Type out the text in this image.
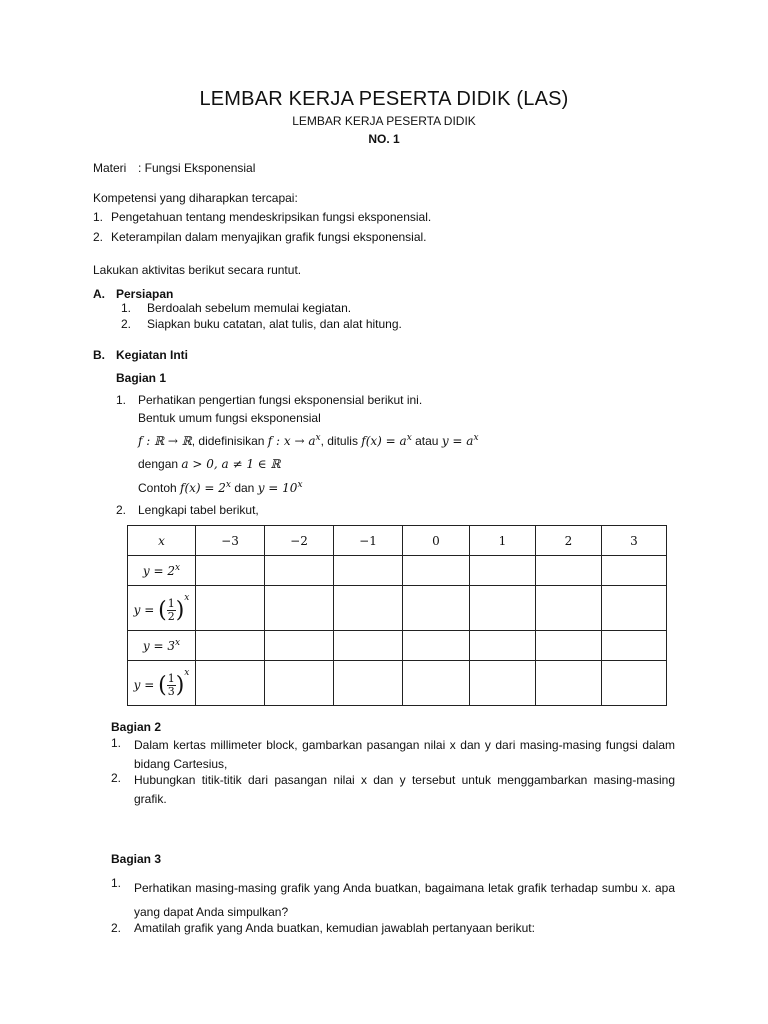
LEMBAR KERJA PESERTA DIDIK (LAS)
LEMBAR KERJA PESERTA DIDIK
NO. 1
Materi : Fungsi Eksponensial
Kompetensi yang diharapkan tercapai:
1. Pengetahuan tentang mendeskripsikan fungsi eksponensial.
2. Keterampilan dalam menyajikan grafik fungsi eksponensial.
Lakukan aktivitas berikut secara runtut.
A. Persiapan
1. Berdoalah sebelum memulai kegiatan.
2. Siapkan buku catatan, alat tulis, dan alat hitung.
B. Kegiatan Inti
Bagian 1
1. Perhatikan pengertian fungsi eksponensial berikut ini.
Bentuk umum fungsi eksponensial
f : ℝ → ℝ, didefinisikan f : $x \to a^x$, ditulis $f(x) = a^x$ atau $y = a^x$
dengan a > 0, a ≠ 1 ∈ ℝ
Contoh $f(x) = 2^x$ dan $y = 10^x$
2. Lengkapi tabel berikut,
x	−3	−2	−1	0	1	2	3
$y = 2^x$							
y = ( $\frac{1}{2} )^x$							
$y = 3^x$							
y = ( $\frac{1}{3} )^x$							
Bagian 2
1. Dalam kertas millimeter block, gambarkan pasangan nilai x dan y dari masing-masing fungsi dalam bidang Cartesius,
2. Hubungkan titik-titik dari pasangan nilai x dan y tersebut untuk menggambarkan masing-masing grafik.
Bagian 3
1. Perhatikan masing-masing grafik yang Anda buatkan, bagaimana letak grafik terhadap sumbu x. apa yang dapat Anda simpulkan?
2. Amatilah grafik yang Anda buatkan, kemudian jawablah pertanyaan berikut:
